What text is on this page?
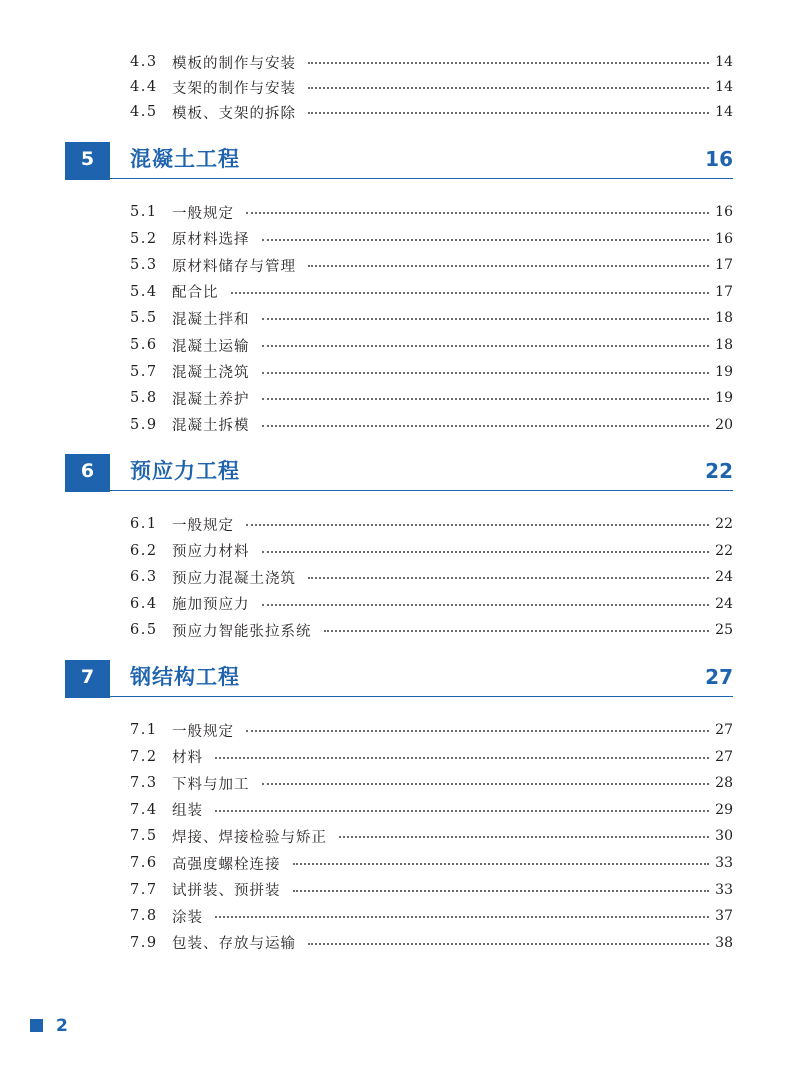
4.3 模板的制作与安装	14
4.4 支架的制作与安装	14
4.5 模板、支架的拆除	14
5	混凝土工程	16
5.1 一般规定	16
5.2 原材料选择	16
5.3 原材料储存与管理	17
5.4 配合比	17
5.5 混凝土拌和	18
5.6 混凝土运输	18
5.7 混凝土浇筑	19
5.8 混凝土养护	19
5.9 混凝土拆模	20
6	预应力工程	22
6.1 一般规定	22
6.2 预应力材料	22
6.3 预应力混凝土浇筑	24
6.4 施加预应力	24
6.5 预应力智能张拉系统	25
7	钢结构工程	27
7.1 一般规定	27
7.2 材料	27
7.3 下料与加工	28
7.4 组装	29
7.5 焊接、焊接检验与矫正	30
7.6 高强度螺栓连接	33
7.7 试拼装、预拼装	33
7.8 涂装	37
7.9 包装、存放与运输	38
2
